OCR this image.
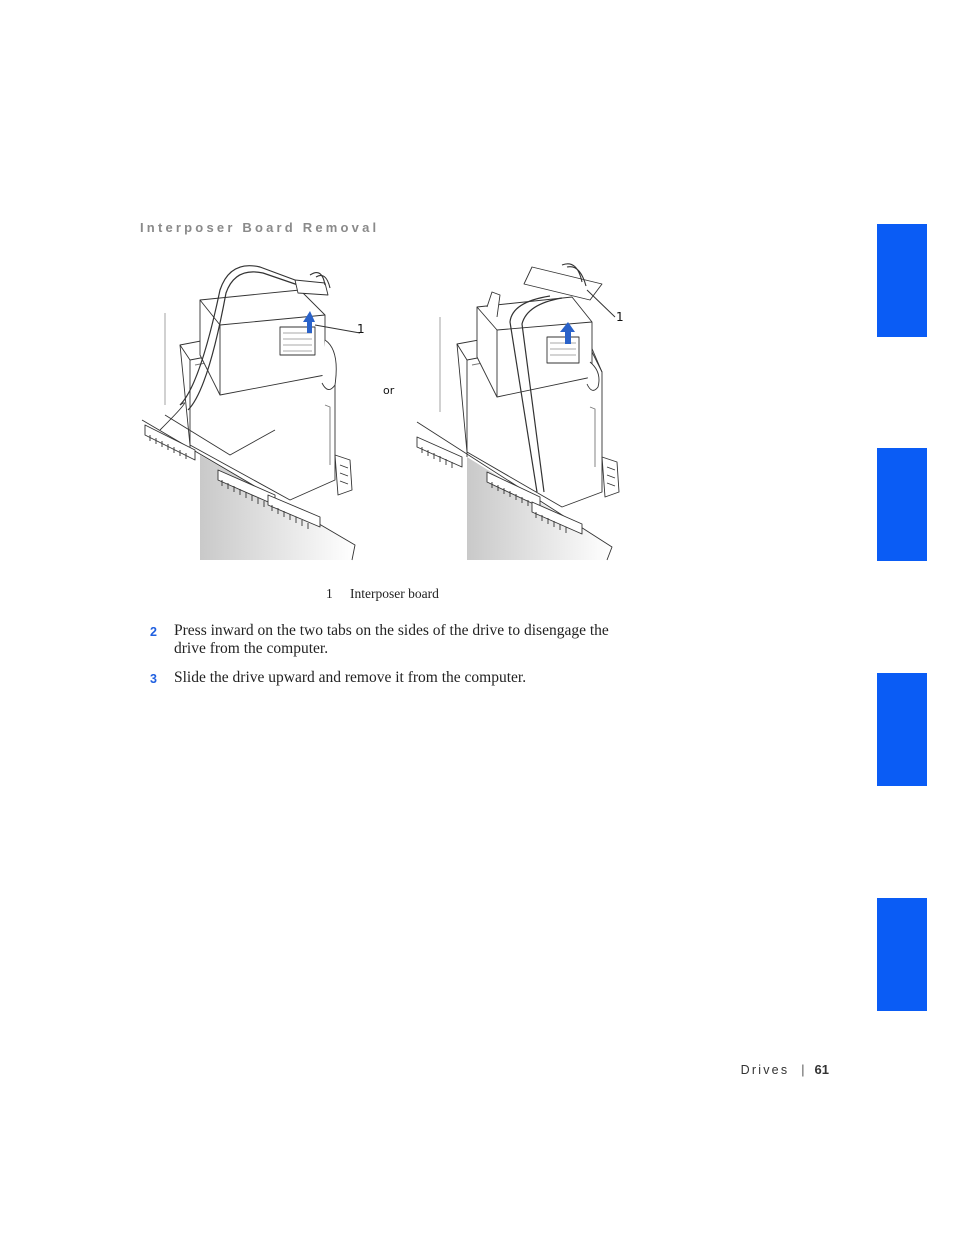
Interposer Board Removal
1
or
1
1 Interposer board
2 Press inward on the two tabs on the sides of the drive to disengage the drive from the computer.
3 Slide the drive upward and remove it from the computer.
Drives | 61
